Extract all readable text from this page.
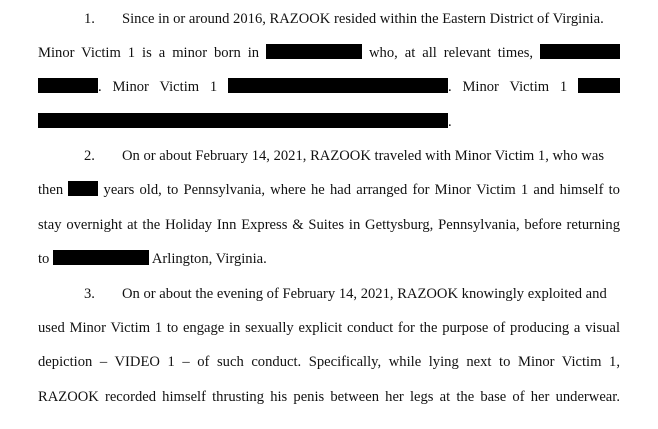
1. Since in or around 2016, RAZOOK resided within the Eastern District of Virginia.
Minor Victim 1 is a minor born in	who, at all relevant times,
. Minor Victim 1	. Minor Victim 1
.
2. On or about February 14, 2021, RAZOOK traveled with Minor Victim 1, who was
then	years old, to Pennsylvania, where he had arranged for Minor Victim 1 and himself to
stay overnight at the Holiday Inn Express & Suites in Gettysburg, Pennsylvania, before returning
to	Arlington, Virginia.
3. On or about the evening of February 14, 2021, RAZOOK knowingly exploited and
used Minor Victim 1 to engage in sexually explicit conduct for the purpose of producing a visual
depiction – VIDEO 1 – of such conduct. Specifically, while lying next to Minor Victim 1,
RAZOOK recorded himself thrusting his penis between her legs at the base of her underwear.
